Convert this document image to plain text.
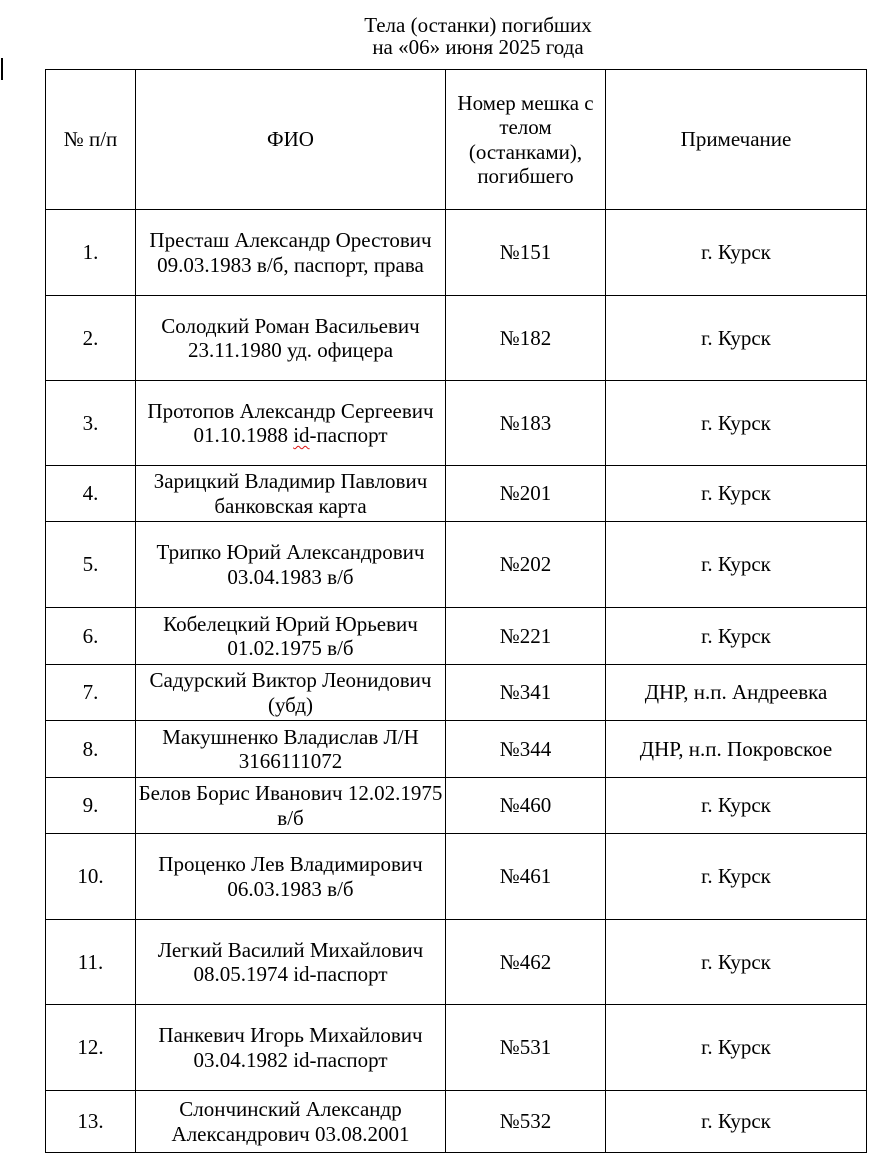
Тела (останки) погибших
на «06» июня 2025 года
№ п/п	ФИО	Номер мешка с телом (останками), погибшего	Примечание
1.	Престаш Александр Орестович 09.03.1983 в/б, паспорт, права	№151	г. Курск
2.	Солодкий Роман Васильевич 23.11.1980 уд. офицера	№182	г. Курск
3.	Протопов Александр Сергеевич 01.10.1988 id-паспорт	№183	г. Курск
4.	Зарицкий Владимир Павлович банковская карта	№201	г. Курск
5.	Трипко Юрий Александрович 03.04.1983 в/б	№202	г. Курск
6.	Кобелецкий Юрий Юрьевич 01.02.1975 в/б	№221	г. Курск
7.	Садурский Виктор Леонидович (убд)	№341	ДНР, н.п. Андреевка
8.	Макушненко Владислав Л/Н 3166111072	№344	ДНР, н.п. Покровское
9.	Белов Борис Иванович 12.02.1975 в/б	№460	г. Курск
10.	Проценко Лев Владимирович 06.03.1983 в/б	№461	г. Курск
11.	Легкий Василий Михайлович 08.05.1974 id-паспорт	№462	г. Курск
12.	Панкевич Игорь Михайлович 03.04.1982 id-паспорт	№531	г. Курск
13.	Слончинский Александр Александрович 03.08.2001	№532	г. Курск
